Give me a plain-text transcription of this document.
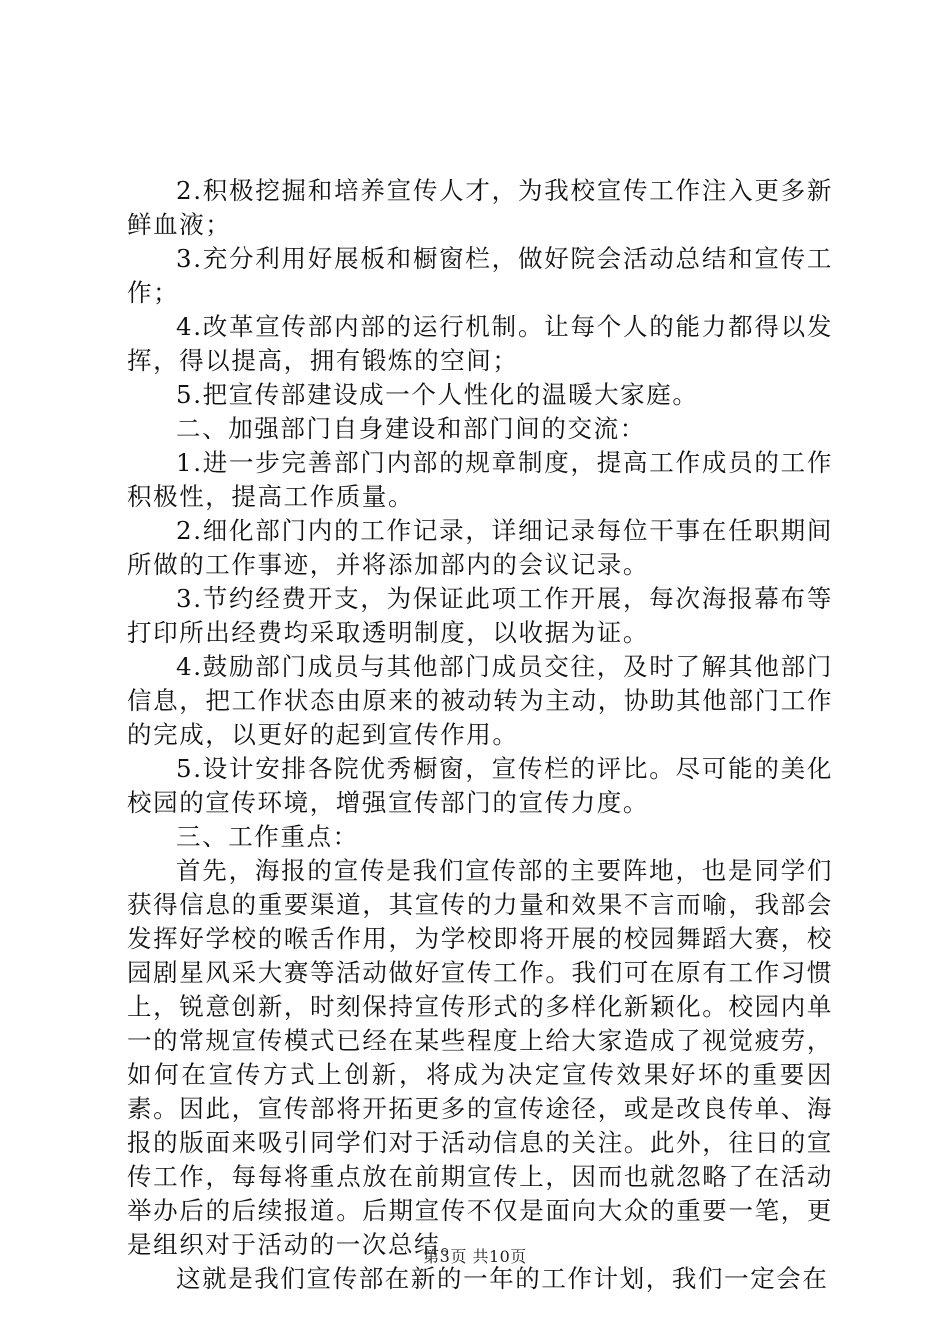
2.积极挖掘和培养宣传人才，为我校宣传工作注入更多新鲜血液；

3.充分利用好展板和橱窗栏，做好院会活动总结和宣传工作；

4.改革宣传部内部的运行机制。让每个人的能力都得以发挥，得以提高，拥有锻炼的空间；

5.把宣传部建设成一个人性化的温暖大家庭。

二、加强部门自身建设和部门间的交流：

1.进一步完善部门内部的规章制度，提高工作成员的工作积极性，提高工作质量。

2.细化部门内的工作记录，详细记录每位干事在任职期间所做的工作事迹，并将添加部内的会议记录。

3.节约经费开支，为保证此项工作开展，每次海报幕布等打印所出经费均采取透明制度，以收据为证。

4.鼓励部门成员与其他部门成员交往，及时了解其他部门信息，把工作状态由原来的被动转为主动，协助其他部门工作的完成，以更好的起到宣传作用。

5.设计安排各院优秀橱窗，宣传栏的评比。尽可能的美化校园的宣传环境，增强宣传部门的宣传力度。

三、工作重点：

首先，海报的宣传是我们宣传部的主要阵地，也是同学们获得信息的重要渠道，其宣传的力量和效果不言而喻，我部会发挥好学校的喉舌作用，为学校即将开展的校园舞蹈大赛，校园剧星风采大赛等活动做好宣传工作。我们可在原有工作习惯上，锐意创新，时刻保持宣传形式的多样化新颖化。校园内单一的常规宣传模式已经在某些程度上给大家造成了视觉疲劳，如何在宣传方式上创新，将成为决定宣传效果好坏的重要因素。因此，宣传部将开拓更多的宣传途径，或是改良传单、海报的版面来吸引同学们对于活动信息的关注。此外，往日的宣传工作，每每将重点放在前期宣传上，因而也就忽略了在活动举办后的后续报道。后期宣传不仅是面向大众的重要一笔，更是组织对于活动的一次总结。

这就是我们宣传部在新的一年的工作计划，我们一定会在

第3页 共10页
